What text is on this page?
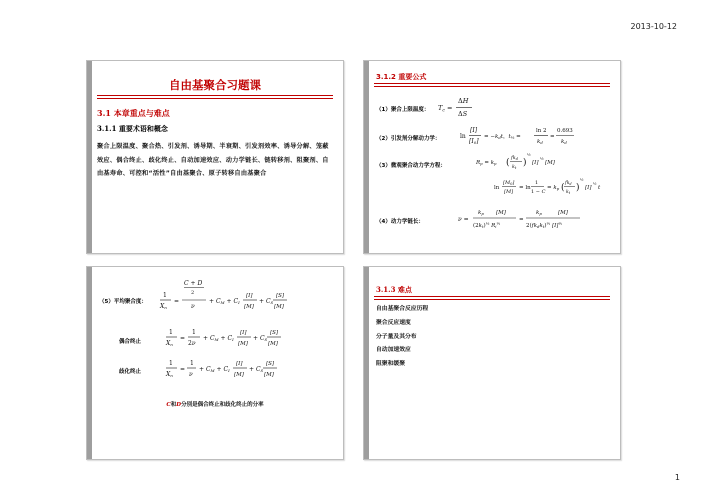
2013-10-12
自由基聚合习题课
3.1 本章重点与难点
3.1.1 重要术语和概念
聚合上限温度、聚合热、引发剂、诱导期、半衰期、引发剂效率、诱导分解、笼蔽效应、偶合终止、歧化终止、自动加速效应、动力学链长、链转移剂、阻聚剂、自由基寿命、可控和“活性”自由基聚合、原子转移自由基聚合
3.1.2 重要公式
（1）聚合上限温度： $T_c$ =
ΔH
ΔS
（2）引发剂分解动力学：	ln
[I]
[I0]
= −kdt，t½ =
ln 2
kd
=
0.693
kd
（3）微观聚合动力学方程：	Rp = kp ( $fk_d$
$k_t$ )
½
[I]
½
[M]
ln
$[M_0]$
[M]
= ln
1
1 − C
= kp ( $fk_d$
$k_t$ )
½
[I]
½
t
（4）动力学链长：	ν =
kp [M]
$(2kt)^{\frac{1}{2}}$ $Ri^{\frac{1}{2}}$
=
kp	[M]
2(fkdkt)$^{\frac{1}{2}}$ $[I]^{\frac{1}{2}}$
（5）平均聚合度：
1
Xn
=
C + D
2
ν
+ CM + CI
[I]
[M]
+ CS
[S]
[M]
偶合终止
1
Xn
=
1
2ν
+ CM + CI
[I]
[M]
+ CS
[S]
[M]
歧化终止
1
Xn
=
1
ν
+ CM + CI
[I]
[M]
+ CS
[S]
[M]
C和D分别是偶合终止和歧化终止的分率
3.1.3 难点
自由基聚合反应历程
聚合反应速度
分子量及其分布
自动加速效应
阻聚和缓聚
1
